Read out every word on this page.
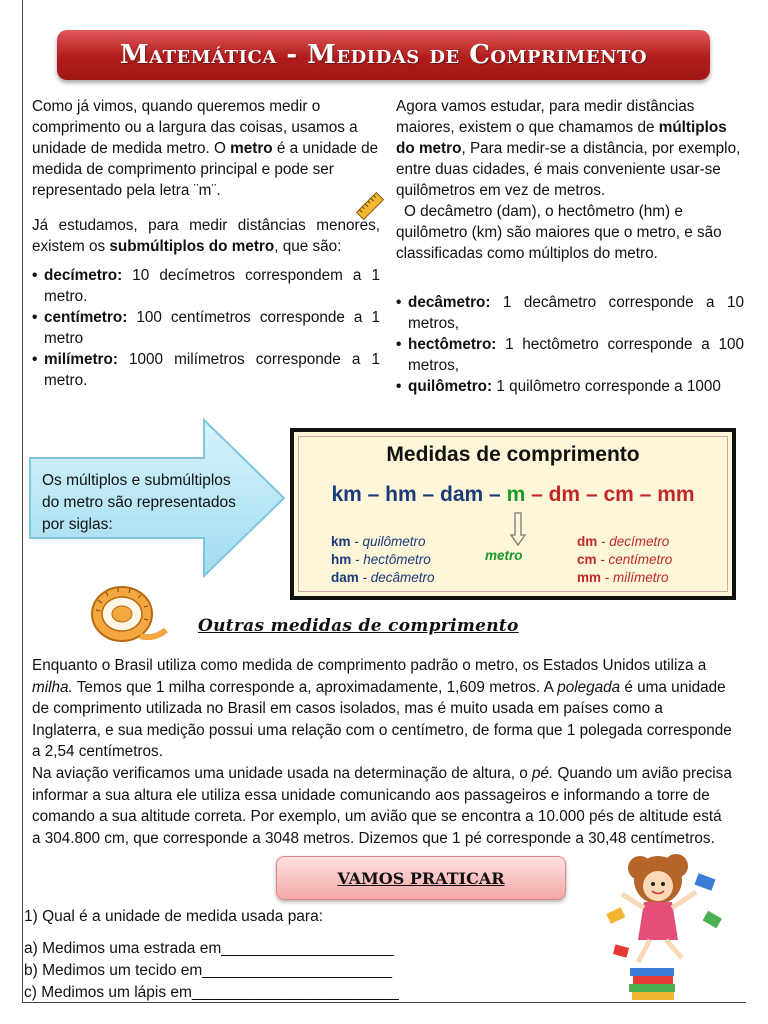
Matemática - Medidas de Comprimento

Como já vimos, quando queremos medir o comprimento ou a largura das coisas, usamos a unidade de medida metro. O metro é a unidade de medida de comprimento principal e pode ser representado pela letra ¨m¨.

Já estudamos, para medir distâncias menores, existem os submúltiplos do metro, que são:

• decímetro: 10 decímetros correspondem a 1 metro.
• centímetro: 100 centímetros corresponde a 1 metro
• milímetro: 1000 milímetros corresponde a 1 metro.

Agora vamos estudar, para medir distâncias maiores, existem o que chamamos de múltiplos do metro, Para medir-se a distância, por exemplo, entre duas cidades, é mais conveniente usar-se quilômetros em vez de metros.

O decâmetro (dam), o hectômetro (hm) e quilômetro (km) são maiores que o metro, e são classificadas como múltiplos do metro.

• decâmetro: 1 decâmetro corresponde a 10 metros,
• hectômetro: 1 hectômetro corresponde a 100 metros,
• quilômetro: 1 quilômetro corresponde a 1000
Os múltiplos e submúltiplos do metro são representados por siglas:
Medidas de comprimento
km – hm – dam – m – dm – cm – mm
km - quilômetro
hm - hectômetro
dam - decâmetro
metro
dm - decímetro
cm - centímetro
mm - milímetro
Outras medidas de comprimento

Enquanto o Brasil utiliza como medida de comprimento padrão o metro, os Estados Unidos utiliza a milha. Temos que 1 milha corresponde a, aproximadamente, 1,609 metros. A polegada é uma unidade de comprimento utilizada no Brasil em casos isolados, mas é muito usada em países como a Inglaterra, e sua medição possui uma relação com o centímetro, de forma que 1 polegada corresponde a 2,54 centímetros.

Na aviação verificamos uma unidade usada na determinação de altura, o pé. Quando um avião precisa informar a sua altura ele utiliza essa unidade comunicando aos passageiros e informando a torre de comando a sua altitude correta. Por exemplo, um avião que se encontra a 10.000 pés de altitude está a 304.800 cm, que corresponde a 3048 metros. Dizemos que 1 pé corresponde a 30,48 centímetros.

VAMOS PRATICAR
1) Qual é a unidade de medida usada para:
a) Medimos uma estrada em____________________
b) Medimos um tecido em______________________
c) Medimos um lápis em________________________
